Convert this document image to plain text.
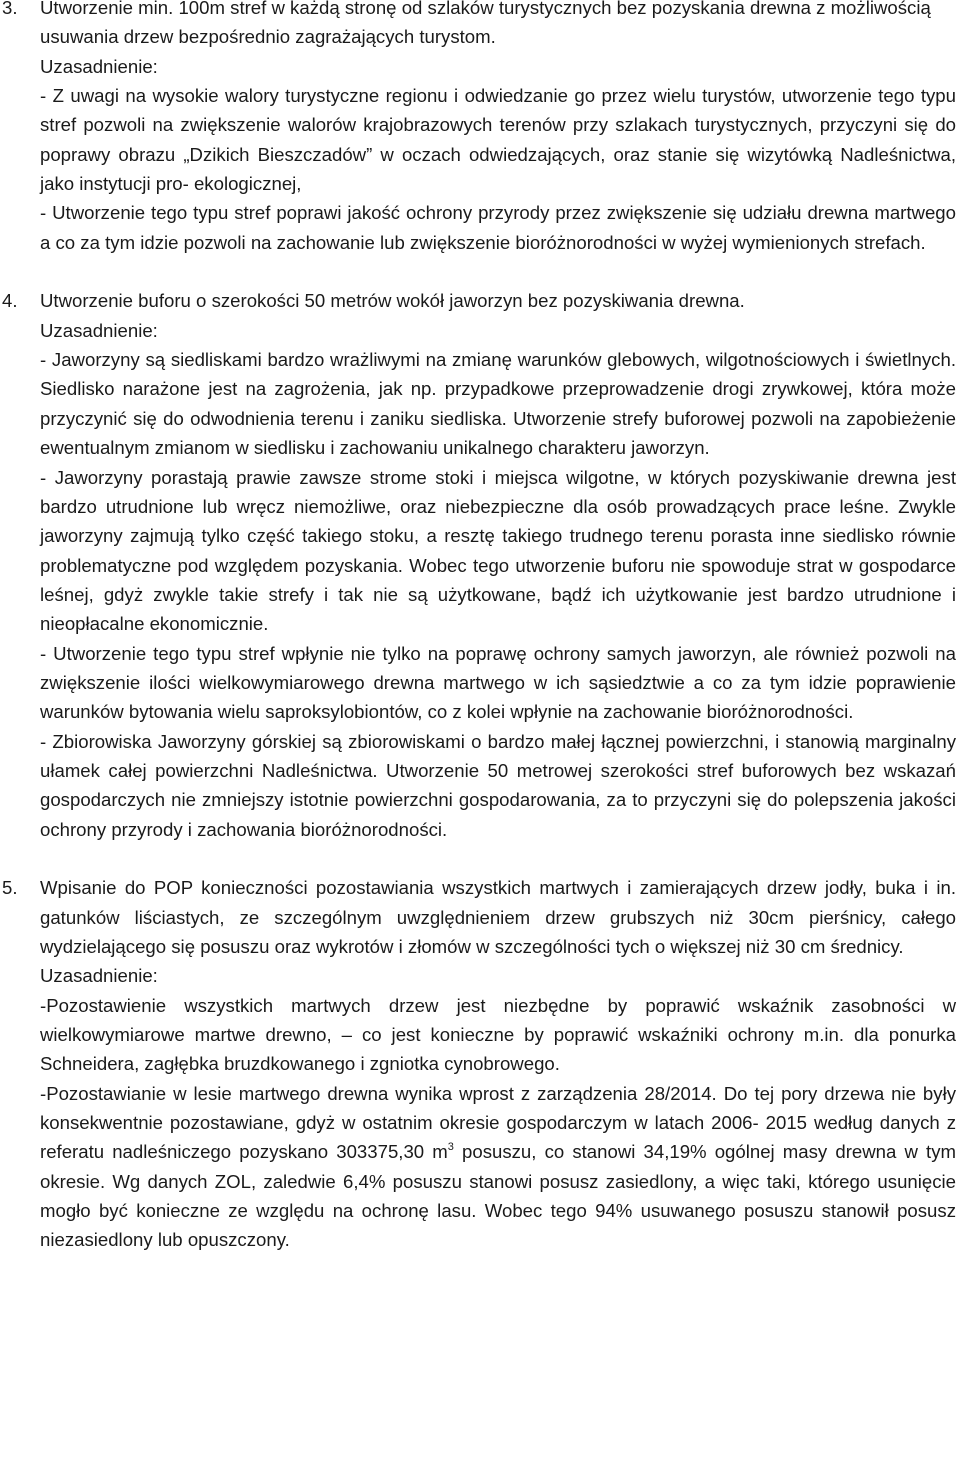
3. Utworzenie min. 100m stref w każdą stronę od szlaków turystycznych bez pozyskania drewna z możliwością usuwania drzew bezpośrednio zagrażających turystom.

Uzasadnienie:

- Z uwagi na wysokie walory turystyczne regionu i odwiedzanie go przez wielu turystów, utworzenie tego typu stref pozwoli na zwiększenie walorów krajobrazowych terenów przy szlakach turystycznych, przyczyni się do poprawy obrazu „Dzikich Bieszczadów” w oczach odwiedzających, oraz stanie się wizytówką Nadleśnictwa, jako instytucji pro- ekologicznej,

- Utworzenie tego typu stref poprawi jakość ochrony przyrody przez zwiększenie się udziału drewna martwego a co za tym idzie pozwoli na zachowanie lub zwiększenie bioróżnorodności w wyżej wymienionych strefach.

4. Utworzenie buforu o szerokości 50 metrów wokół jaworzyn bez pozyskiwania drewna.

Uzasadnienie:

- Jaworzyny są siedliskami bardzo wrażliwymi na zmianę warunków glebowych, wilgotnościowych i świetlnych. Siedlisko narażone jest na zagrożenia, jak np. przypadkowe przeprowadzenie drogi zrywkowej, która może przyczynić się do odwodnienia terenu i zaniku siedliska. Utworzenie strefy buforowej pozwoli na zapobieżenie ewentualnym zmianom w siedlisku i zachowaniu unikalnego charakteru jaworzyn.

- Jaworzyny porastają prawie zawsze strome stoki i miejsca wilgotne, w których pozyskiwanie drewna jest bardzo utrudnione lub wręcz niemożliwe, oraz niebezpieczne dla osób prowadzących prace leśne. Zwykle jaworzyny zajmują tylko część takiego stoku, a resztę takiego trudnego terenu porasta inne siedlisko równie problematyczne pod względem pozyskania. Wobec tego utworzenie buforu nie spowoduje strat w gospodarce leśnej, gdyż zwykle takie strefy i tak nie są użytkowane, bądź ich użytkowanie jest bardzo utrudnione i nieopłacalne ekonomicznie.

- Utworzenie tego typu stref wpłynie nie tylko na poprawę ochrony samych jaworzyn, ale również pozwoli na zwiększenie ilości wielkowymiarowego drewna martwego w ich sąsiedztwie a co za tym idzie poprawienie warunków bytowania wielu saproksylobiontów, co z kolei wpłynie na zachowanie bioróżnorodności.

- Zbiorowiska Jaworzyny górskiej są zbiorowiskami o bardzo małej łącznej powierzchni, i stanowią marginalny ułamek całej powierzchni Nadleśnictwa. Utworzenie 50 metrowej szerokości stref buforowych bez wskazań gospodarczych nie zmniejszy istotnie powierzchni gospodarowania, za to przyczyni się do polepszenia jakości ochrony przyrody i zachowania bioróżnorodności.

5. Wpisanie do POP konieczności pozostawiania wszystkich martwych i zamierających drzew jodły, buka i in. gatunków liściastych, ze szczególnym uwzględnieniem drzew grubszych niż 30cm pierśnicy, całego wydzielającego się posuszu oraz wykrotów i złomów w szczególności tych o większej niż 30 cm średnicy.

Uzasadnienie:

-Pozostawienie wszystkich martwych drzew jest niezbędne by poprawić wskaźnik zasobności w wielkowymiarowe martwe drewno, – co jest konieczne by poprawić wskaźniki ochrony m.in. dla ponurka Schneidera, zagłębka bruzdkowanego i zgniotka cynobrowego.

-Pozostawianie w lesie martwego drewna wynika wprost z zarządzenia 28/2014. Do tej pory drzewa nie były konsekwentnie pozostawiane, gdyż w ostatnim okresie gospodarczym w latach 2006- 2015 według danych z referatu nadleśniczego pozyskano 303375,30 $m^3$ posuszu, co stanowi 34,19% ogólnej masy drewna w tym okresie. Wg danych ZOL, zaledwie 6,4% posuszu stanowi posusz zasiedlony, a więc taki, którego usunięcie mogło być konieczne ze względu na ochronę lasu. Wobec tego 94% usuwanego posuszu stanowił posusz niezasiedlony lub opuszczony.
